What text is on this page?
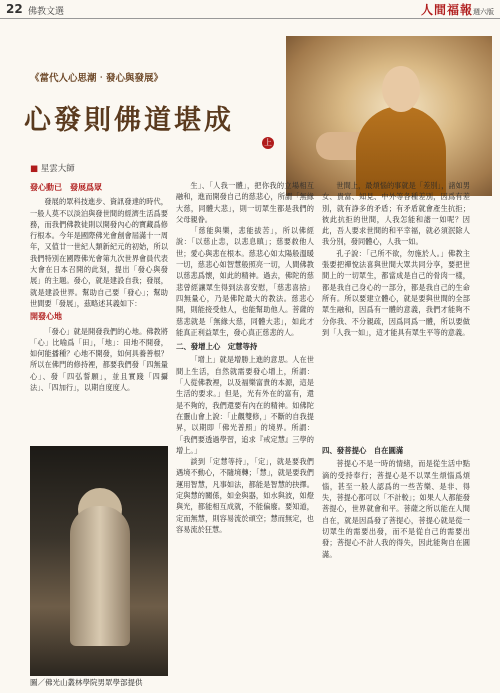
22 佛教文選	人間福報週六版
《當代人心思潮‧發心與發展》
心發則佛道堪成
上
■ 星雲大師

發心動已　發展爲眾

發展的眾科技進步、資訊發達的時代，一般人莫不以淡泊與發世間的經濟生活爲要務，而我們佛教徒則以開發內心的寶藏爲修行根本。今年是國際佛光會創會屆滿十一周年，又值廿一世紀人類新紀元的初始，所以我們特別在國際佛光會第九次世界會員代表大會在日本召開的此刻，提出「發心與發展」的主題。發心，就是建設自我；發展，就是建設世界。幫助自己要「發心」；幫助世間要「發展」，茲略述其義如下：

開發心地

「發心」就是開發我們的心地。佛教將「心」比喻爲「田」，「地」：田地不開發，如何能播種？心地不開發，如何具養善根？所以在佛門的修持裡，都要我們發「四無量心」、發「四弘誓願」，並且實踐「四攝法」、「四加行」，以期自度度人。

圖／佛光山叢林學院男眾學部提供

生」、「人我一體」，把你我的立場相互融和，進而開發自己的慈悲心，所謂「無緣大慈，同體大悲」，則一切眾生都是我們的父母親眷。

「慈能與樂，悲能拔苦」，所以佛經說：「以慈止恚，以悲息瞋」；慈要救他人世；愛心與悲在根本。慈悲心如太陽般溫暖一切，慈悲心如智慧般照亮一切，人間佛教以慈悲爲懷，如此的精神。過去，佛陀的慈悲曾經讓眾生得到法喜安慰，「慈悲喜捨」四無量心，乃是佛陀最大的教法。慈悲心開，則能接受他人，也能幫助他人。菩薩的慈悲就是「無緣大慈，同體大悲」，如此才能真正利益眾生，發心真正慈悲的人。

二、發增上心　定慧等持

「增上」就是增勝上進的意思。人在世間上生活，自然就需要發心增上，所謂：「人從佛教裡，以及福樂富貴的本源，這是生活的要求。」但是，光有外在的富有，還是不夠的，我們還要有內在的精神。如佛陀在靈山會上說：「止觀雙修，」不斷的自我提昇，以期即「佛光普照」的境界。所謂：「我們要透過學習，追求『戒定慧』三學的增上。」

談到「定慧等持」，「定」，就是要我們遇境不動心，不隨境轉；「慧」，就是要我們運用智慧，凡事如法，都能是智慧的抉擇。定與慧的關係，如金與器，如水與波，如燈與光，都能相互成就，不能偏廢。要知道，定而無慧，則容易流於頑空；慧而無定，也容易流於狂慧。

世間上，最煩惱的事就是「差別」，諸如男女、貴富、知見、中外等各種差別，因爲有差別，就有諍多的矛盾；有矛盾就會產生抗拒；彼此抗拒的世間，人我怎能和諧一如呢？因此，吾人要求世間的和平幸福，就必須泯除人我分別，發同體心，人我一如。

孔子說：「己所不欲，勿施於人。」佛教主張要把禪悅法喜與世間大眾共同分享，要把世間上的一切眾生，都當成是自己的骨肉一樣，都是我自己身心的一部分，都是我自己的生命所有。所以要建立體心，就是要與世間的全部眾生融和，因爲有一體的意義，我們才能夠不分你我、不分親疏，因爲同爲一體，所以要做到「人我一如」，這才能具有眾生平等的意義。

四、發菩提心　自在圓滿

菩提心不是一時的情緒，而是從生活中點滴的受持奉行；菩提心是不以眾生煩惱爲煩惱，甚至一般人認爲的一些苦樂、是非、得失，菩提心都可以「不計較」；如果人人都能發菩提心，世界就會和平。菩薩之所以能在人間自在，就是因爲發了菩提心，菩提心就是從一切眾生的需要出發，而不是從自己的需要出發；菩提心不計人我的得失，因此能夠自在圓滿。
